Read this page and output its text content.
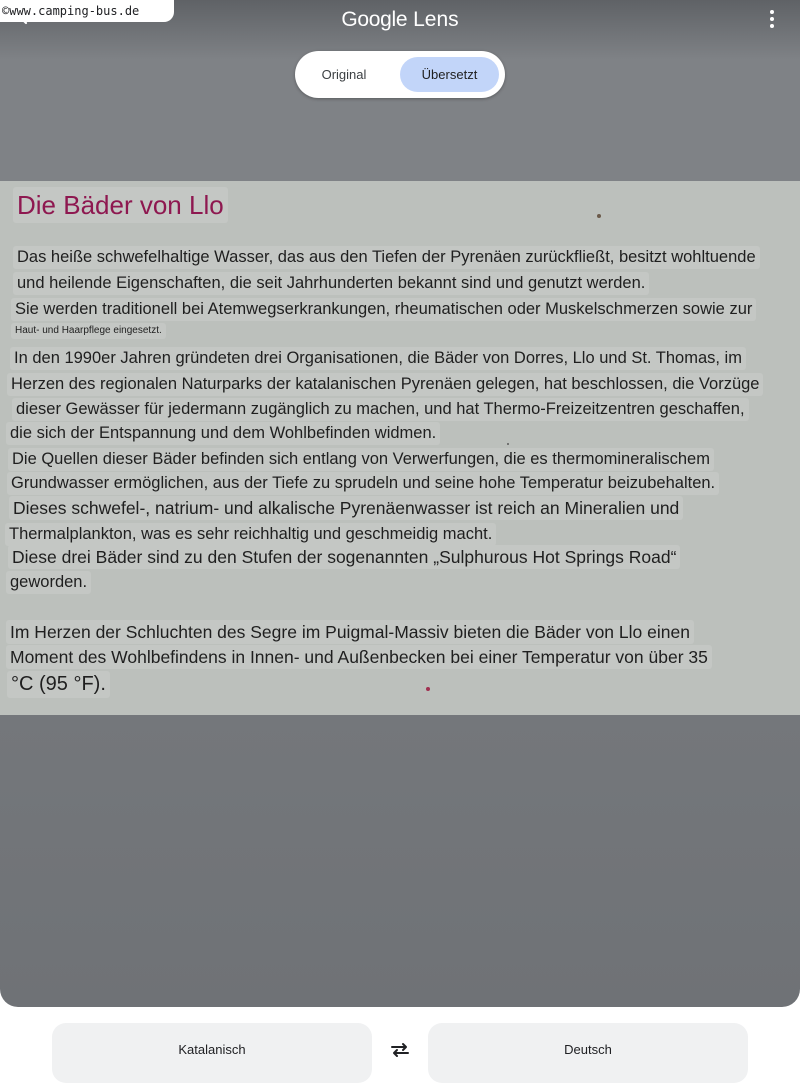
©www.camping-bus.de	Google Lens
Original	Übersetzt
Die Bäder von Llo
Das heiße schwefelhaltige Wasser, das aus den Tiefen der Pyrenäen zurückfließt, besitzt wohltuende
und heilende Eigenschaften, die seit Jahrhunderten bekannt sind und genutzt werden.
Sie werden traditionell bei Atemwegserkrankungen, rheumatischen oder Muskelschmerzen sowie zur
Haut- und Haarpflege eingesetzt.
In den 1990er Jahren gründeten drei Organisationen, die Bäder von Dorres, Llo und St. Thomas, im
Herzen des regionalen Naturparks der katalanischen Pyrenäen gelegen, hat beschlossen, die Vorzüge
dieser Gewässer für jedermann zugänglich zu machen, und hat Thermo-Freizeitzentren geschaffen,
die sich der Entspannung und dem Wohlbefinden widmen.
Die Quellen dieser Bäder befinden sich entlang von Verwerfungen, die es thermomineralischem
Grundwasser ermöglichen, aus der Tiefe zu sprudeln und seine hohe Temperatur beizubehalten.
Dieses schwefel-, natrium- und alkalische Pyrenäenwasser ist reich an Mineralien und
Thermalplankton, was es sehr reichhaltig und geschmeidig macht.
Diese drei Bäder sind zu den Stufen der sogenannten „Sulphurous Hot Springs Road“
geworden.
Im Herzen der Schluchten des Segre im Puigmal-Massiv bieten die Bäder von Llo einen
Moment des Wohlbefindens in Innen- und Außenbecken bei einer Temperatur von über 35
°C (95 °F).
Katalanisch	Deutsch
